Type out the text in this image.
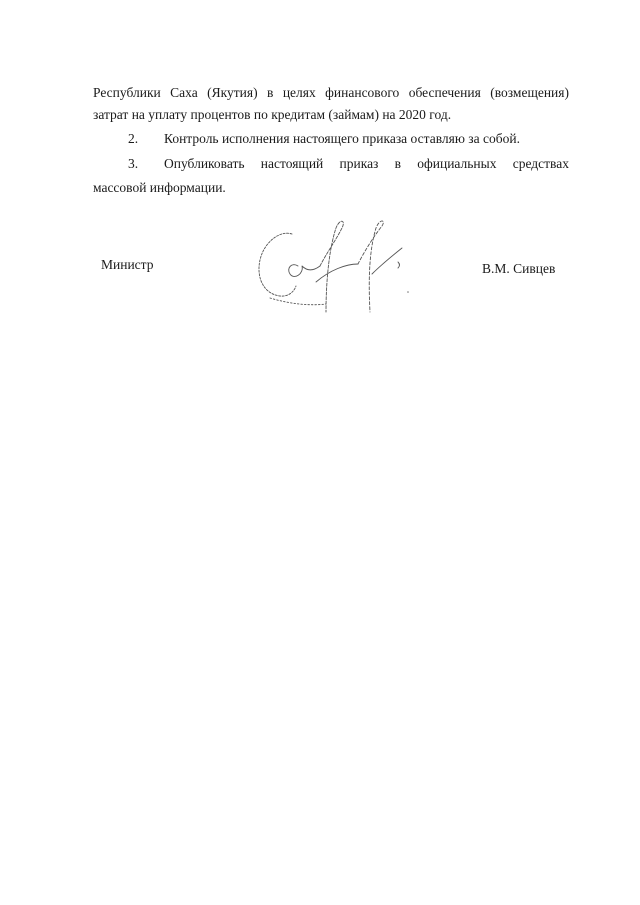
Республики Саха (Якутия) в целях финансового обеспечения (возмещения)
затрат на уплату процентов по кредитам (займам) на 2020 год.
2. Контроль исполнения настоящего приказа оставляю за собой.
3. Опубликовать настоящий приказ в официальных средствах
массовой информации.
Министр	В.М. Сивцев
